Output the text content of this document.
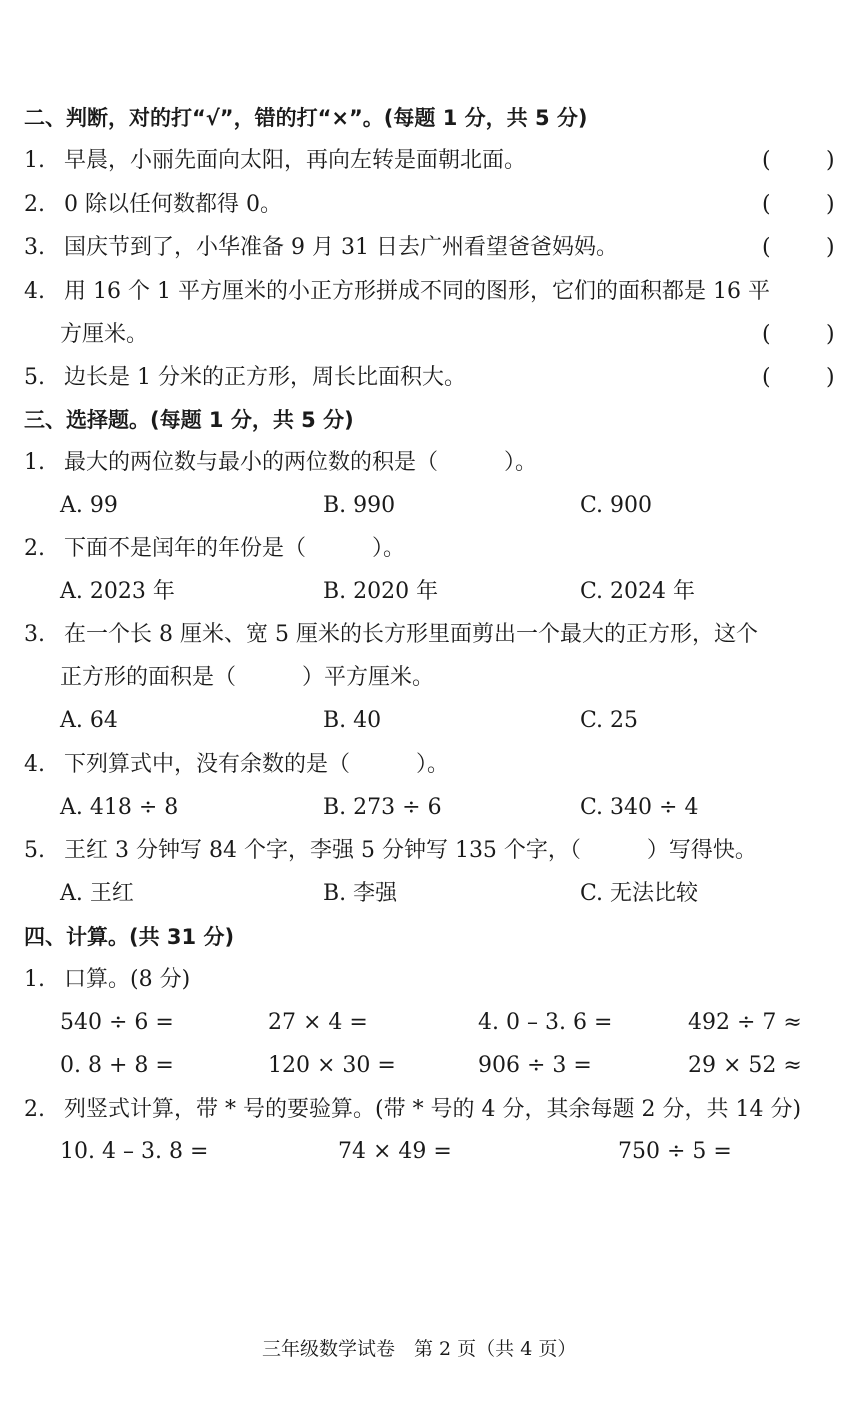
二、判断，对的打“√”，错的打“×”。(每题 1 分，共 5 分)
1. 早晨，小丽先面向太阳，再向左转是面朝北面。	(	)
2. 0 除以任何数都得 0。	(	)
3. 国庆节到了，小华准备 9 月 31 日去广州看望爸爸妈妈。	(	)
4. 用 16 个 1 平方厘米的小正方形拼成不同的图形，它们的面积都是 16 平
方厘米。	(	)
5. 边长是 1 分米的正方形，周长比面积大。	(	)
三、选择题。(每题 1 分，共 5 分)
1. 最大的两位数与最小的两位数的积是（　　　）。
A. 99	B. 990	C. 900
2. 下面不是闰年的年份是（　　　）。
A. 2023 年	B. 2020 年	C. 2024 年
3. 在一个长 8 厘米、宽 5 厘米的长方形里面剪出一个最大的正方形，这个
正方形的面积是（　　　）平方厘米。
A. 64	B. 40	C. 25
4. 下列算式中，没有余数的是（　　　）。
A. 418 ÷ 8	B. 273 ÷ 6	C. 340 ÷ 4
5. 王红 3 分钟写 84 个字，李强 5 分钟写 135 个字，（　　　）写得快。
A. 王红	B. 李强	C. 无法比较
四、计算。(共 31 分)
1. 口算。(8 分)
540 ÷ 6 =	27 × 4 =	4. 0 – 3. 6 =	492 ÷ 7 ≈
0. 8 + 8 =	120 × 30 =	906 ÷ 3 =	29 × 52 ≈
2. 列竖式计算，带 * 号的要验算。(带 * 号的 4 分，其余每题 2 分，共 14 分)
10. 4 – 3. 8 =	74 × 49 =	750 ÷ 5 =
三年级数学试卷　第 2 页（共 4 页）
